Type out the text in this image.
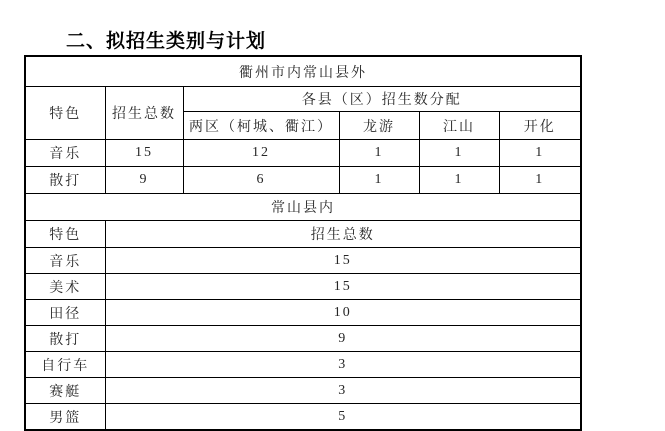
二、拟招生类别与计划
衢州市内常山县外					
特色	招生总数	各县（区）招生数分配			
		两区（柯城、衢江）	龙游	江山	开化
音乐	15	12	1	1	1
散打	9	6	1	1	1
常山县内					
特色	招生总数				
音乐	15				
美术	15				
田径	10				
散打	9				
自行车	3				
赛艇	3				
男篮	5				
